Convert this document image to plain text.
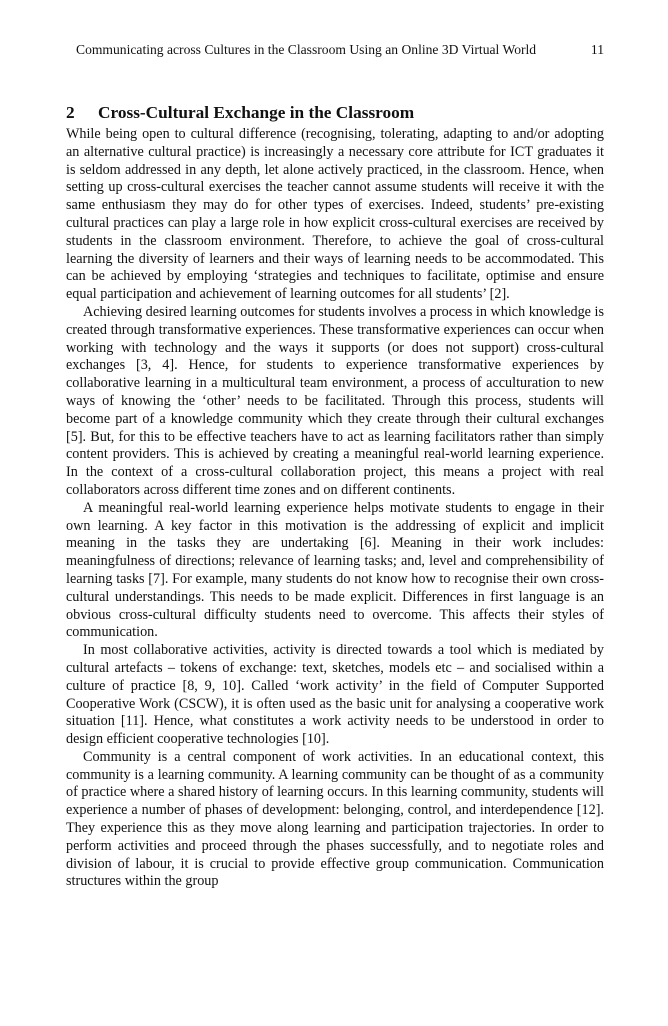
Communicating across Cultures in the Classroom Using an Online 3D Virtual World	11
2 Cross-Cultural Exchange in the Classroom

While being open to cultural difference (recognising, tolerating, adapting to and/or adopting an alternative cultural practice) is increasingly a necessary core attribute for ICT graduates it is seldom addressed in any depth, let alone actively practiced, in the classroom. Hence, when setting up cross-cultural exercises the teacher cannot assume students will receive it with the same enthusiasm they may do for other types of exercises. Indeed, students’ pre-existing cultural practices can play a large role in how explicit cross-cultural exercises are received by students in the classroom environment. Therefore, to achieve the goal of cross-cultural learning the diversity of learners and their ways of learning needs to be accommodated. This can be achieved by employing ‘strategies and techniques to facilitate, optimise and ensure equal participation and achievement of learning outcomes for all students’ [2].

Achieving desired learning outcomes for students involves a process in which knowledge is created through transformative experiences. These transformative experiences can occur when working with technology and the ways it supports (or does not support) cross-cultural exchanges [3, 4]. Hence, for students to experience transformative experiences by collaborative learning in a multicultural team environment, a process of acculturation to new ways of knowing the ‘other’ needs to be facilitated. Through this process, students will become part of a knowledge community which they create through their cultural exchanges [5]. But, for this to be effective teachers have to act as learning facilitators rather than simply content providers. This is achieved by creating a meaningful real-world learning experience. In the context of a cross-cultural collaboration project, this means a project with real collaborators across different time zones and on different continents.

A meaningful real-world learning experience helps motivate students to engage in their own learning. A key factor in this motivation is the addressing of explicit and implicit meaning in the tasks they are undertaking [6]. Meaning in their work includes: meaningfulness of directions; relevance of learning tasks; and, level and comprehensibility of learning tasks [7]. For example, many students do not know how to recognise their own cross-cultural understandings. This needs to be made explicit. Differences in first language is an obvious cross-cultural difficulty students need to overcome. This affects their styles of communication.

In most collaborative activities, activity is directed towards a tool which is mediated by cultural artefacts – tokens of exchange: text, sketches, models etc – and socialised within a culture of practice [8, 9, 10]. Called ‘work activity’ in the field of Computer Supported Cooperative Work (CSCW), it is often used as the basic unit for analysing a cooperative work situation [11]. Hence, what constitutes a work activity needs to be understood in order to design efficient cooperative technologies [10].

Community is a central component of work activities. In an educational context, this community is a learning community. A learning community can be thought of as a community of practice where a shared history of learning occurs. In this learning community, students will experience a number of phases of development: belonging, control, and interdependence [12]. They experience this as they move along learning and participation trajectories. In order to perform activities and proceed through the phases successfully, and to negotiate roles and division of labour, it is crucial to provide effective group communication. Communication structures within the group
